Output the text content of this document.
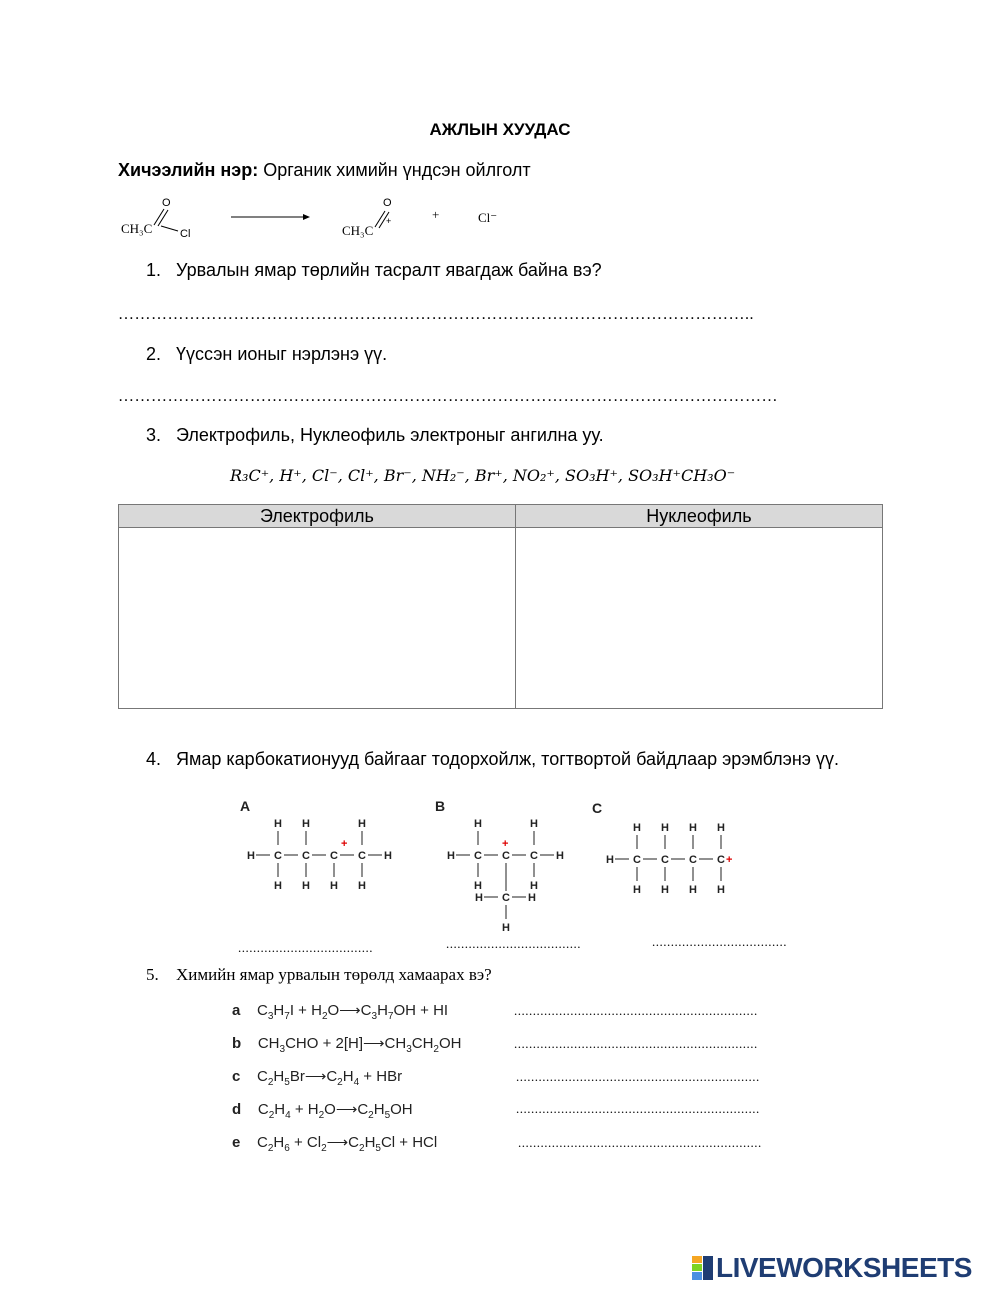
АЖЛЫН ХУУДАС
Хичээлийн нэр: Органик химийн үндсэн ойлголт
CH₃C
O
Cl	CH₃C
O
+	+	Cl⁻
1. Урвалын ямар төрлийн тасралт явагдаж байна вэ?
……………………………………………………………………………………………………..
2. Үүссэн ионыг нэрлэнэ үү.
…………………………………………………………………………………………………………
3. Электрофиль, Нуклеофиль электроныг ангилна уу.
R₃C⁺, H⁺, Cl⁻, Cl⁺, Br⁻, NH₂⁻, Br⁺, NO₂⁺, SO₃H⁺, SO₃H⁺CH₃O⁻
Электрофиль	Нуклеофиль

4. Ямар карбокатионууд байгааг тодорхойлж, тогтвортой байдлаар эрэмблэнэ үү.
A
H C C C
+
C H
H H	H
H H H H
B
H C C
+
C H
H	H
H	H
H C H
H
C
H C C C C +
H H H H
H H H H
....................................	....................................	....................................
5. Химийн ямар урвалын төрөлд хамаарах вэ?
a    $C_3H_7I$ + $H_2O⟶C_3H_7OH$ + HI	.................................................................
b    $CH_3CHO$ + $2[H]⟶CH_3CH_2OH$	.................................................................
c    $C_2H_5Br⟶C_2H_4$ + HBr	.................................................................
d    $C_2H_4$ + $H_2O⟶C_2H_5OH$	.................................................................
e    $C_2H_6$ + $Cl_2⟶C_2H_5Cl$ + HCl	.................................................................
LIVEWORKSHEETS
